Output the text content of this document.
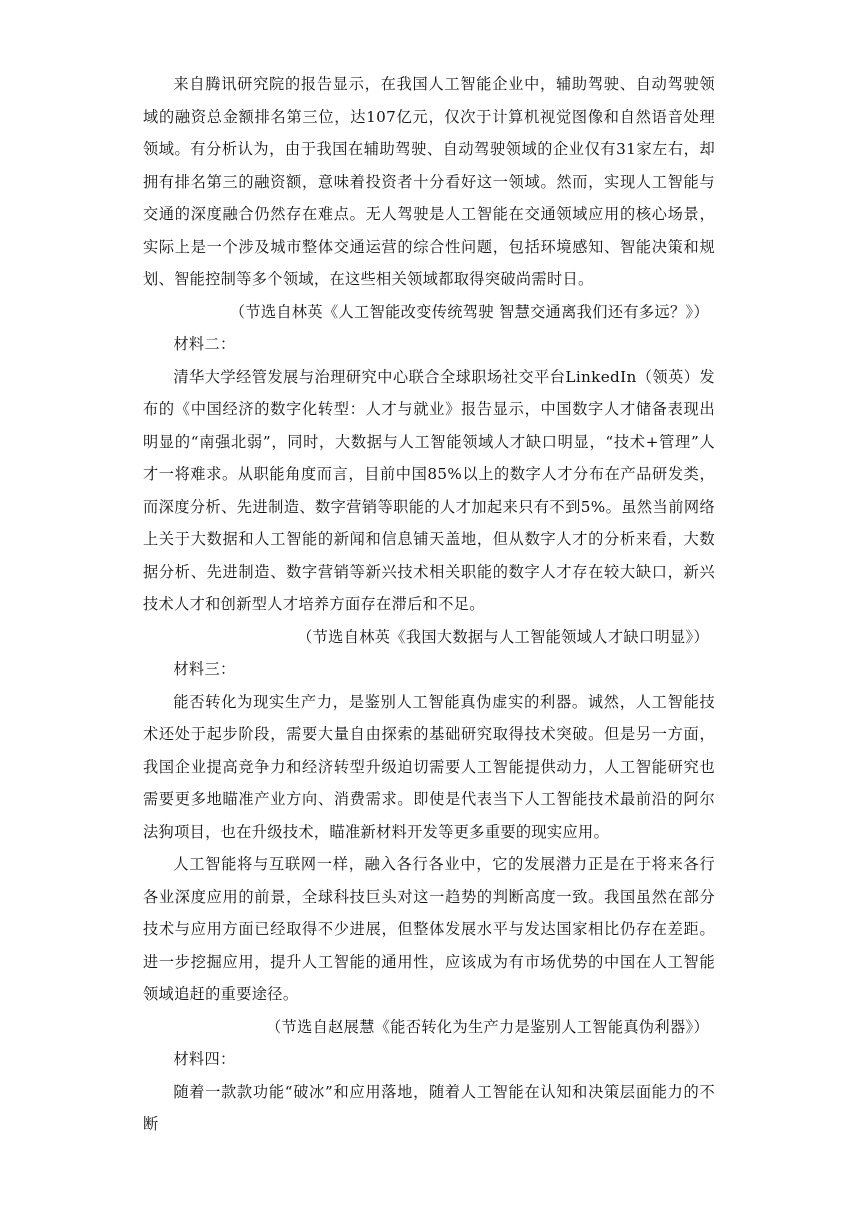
来自腾讯研究院的报告显示，在我国人工智能企业中，辅助驾驶、自动驾驶领域的融资总金额排名第三位，达107亿元，仅次于计算机视觉图像和自然语音处理领域。有分析认为，由于我国在辅助驾驶、自动驾驶领域的企业仅有31家左右，却拥有排名第三的融资额，意味着投资者十分看好这一领域。然而，实现人工智能与交通的深度融合仍然存在难点。无人驾驶是人工智能在交通领域应用的核心场景，实际上是一个涉及城市整体交通运营的综合性问题，包括环境感知、智能决策和规划、智能控制等多个领域，在这些相关领域都取得突破尚需时日。

（节选自林英《人工智能改变传统驾驶 智慧交通离我们还有多远？》）

材料二：

清华大学经管发展与治理研究中心联合全球职场社交平台LinkedIn（领英）发布的《中国经济的数字化转型：人才与就业》报告显示，中国数字人才储备表现出明显的“南强北弱”，同时，大数据与人工智能领域人才缺口明显，“技术+管理”人才一将难求。从职能角度而言，目前中国85%以上的数字人才分布在产品研发类，而深度分析、先进制造、数字营销等职能的人才加起来只有不到5%。虽然当前网络上关于大数据和人工智能的新闻和信息铺天盖地，但从数字人才的分析来看，大数据分析、先进制造、数字营销等新兴技术相关职能的数字人才存在较大缺口，新兴技术人才和创新型人才培养方面存在滞后和不足。

（节选自林英《我国大数据与人工智能领域人才缺口明显》）

材料三：

能否转化为现实生产力，是鉴别人工智能真伪虚实的利器。诚然，人工智能技术还处于起步阶段，需要大量自由探索的基础研究取得技术突破。但是另一方面，我国企业提高竞争力和经济转型升级迫切需要人工智能提供动力，人工智能研究也需要更多地瞄准产业方向、消费需求。即使是代表当下人工智能技术最前沿的阿尔法狗项目，也在升级技术，瞄准新材料开发等更多重要的现实应用。

人工智能将与互联网一样，融入各行各业中，它的发展潜力正是在于将来各行各业深度应用的前景，全球科技巨头对这一趋势的判断高度一致。我国虽然在部分技术与应用方面已经取得不少进展，但整体发展水平与发达国家相比仍存在差距。进一步挖掘应用，提升人工智能的通用性，应该成为有市场优势的中国在人工智能领域追赶的重要途径。

（节选自赵展慧《能否转化为生产力是鉴别人工智能真伪利器》）

材料四：

随着一款款功能“破冰”和应用落地，随着人工智能在认知和决策层面能力的不断
